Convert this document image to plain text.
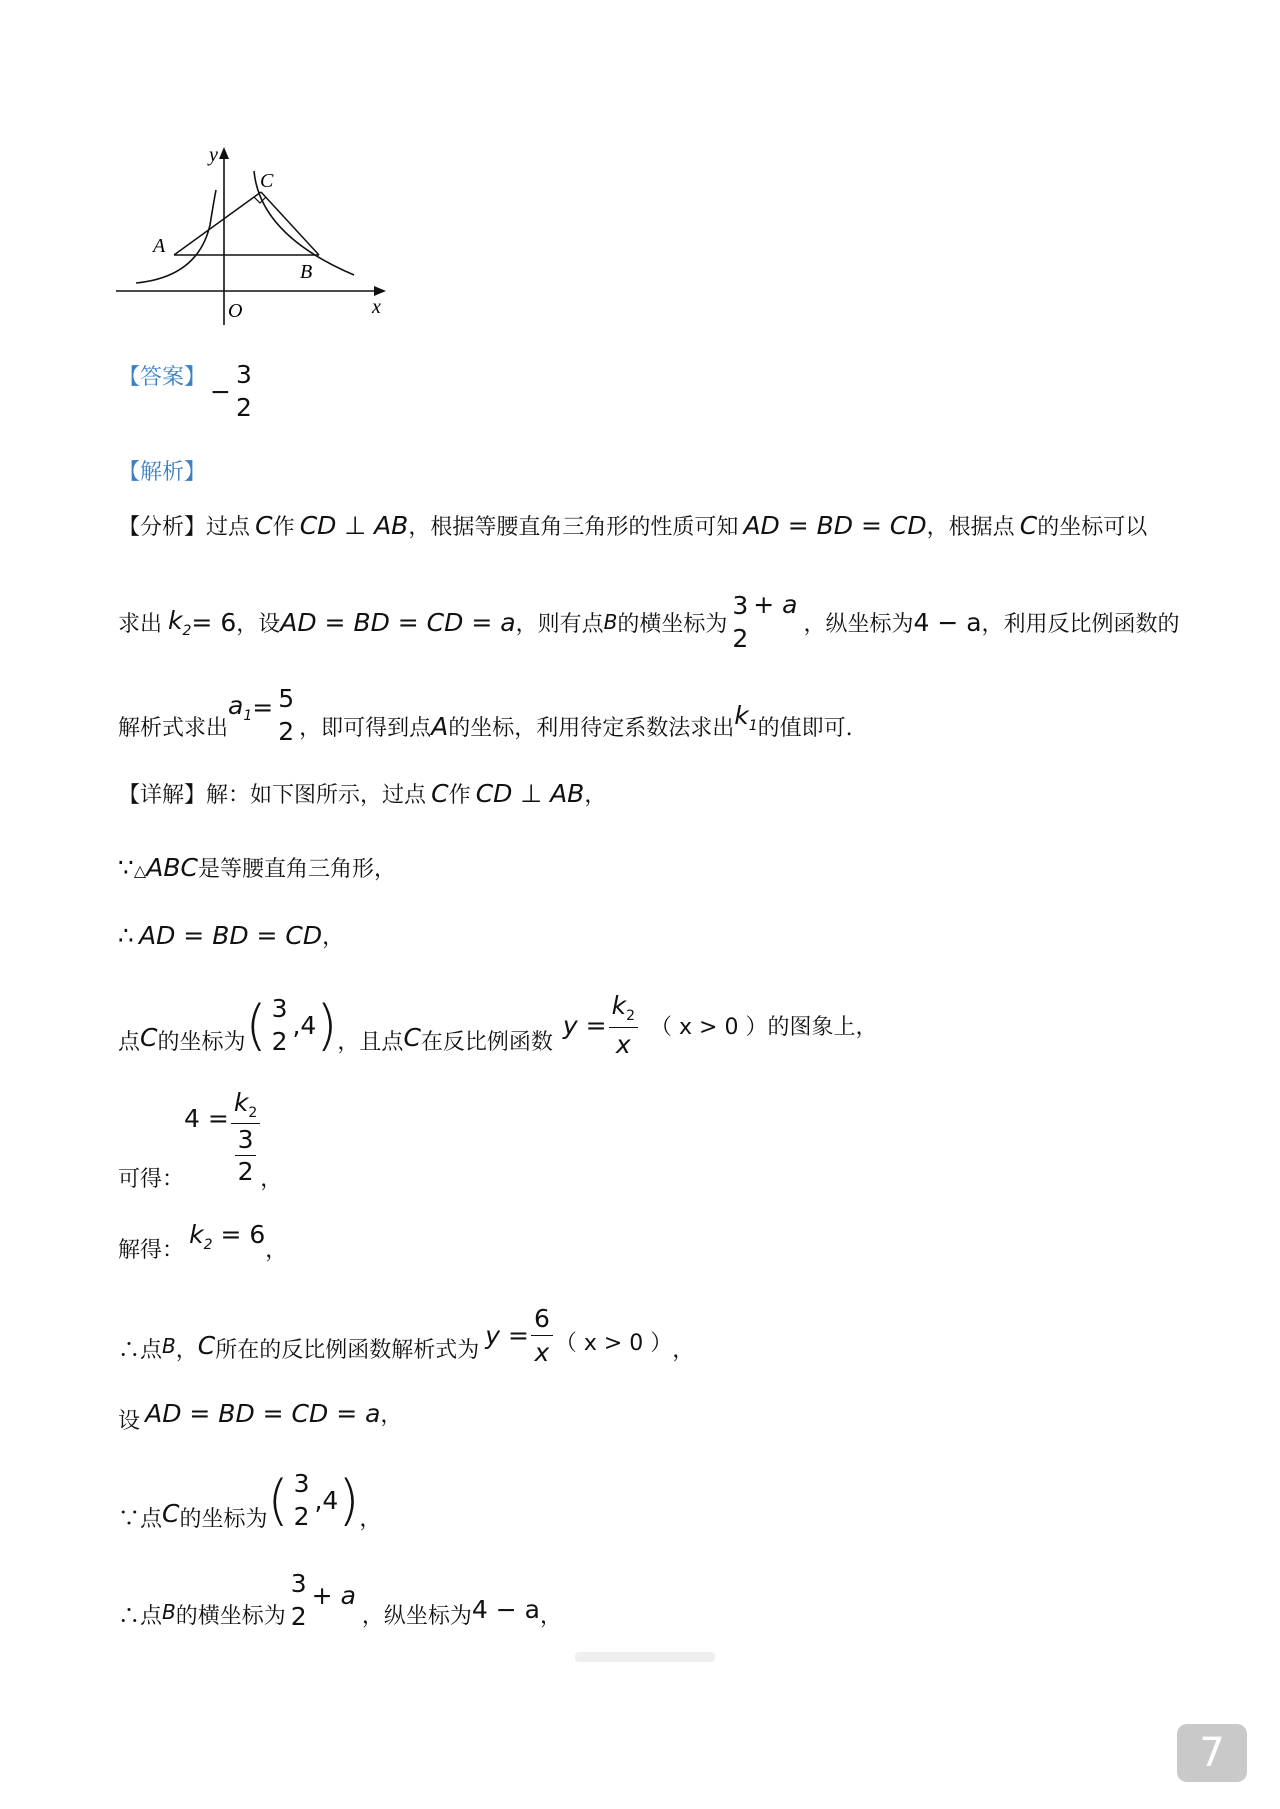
y
C
A
B
O	x
【答案】 −
3
2
【解析】
【分析】过点 C作 CD ⊥ AB，根据等腰直角三角形的性质可知 AD = BD = CD，根据点 C的坐标可以
求出 $k_2 = 6$ ，设 AD = BD = CD = a ，则有点 B 的横坐标为
3
2
+ a
，纵坐标为 4 − a ，利用反比例函数的
解析式求出
$a_1 = 5$
2 ，即可得到点 A 的坐标，利用待定系数法求出 $k_1$ 的值即可.
【详解】解：如下图所示，过点 C作 CD ⊥ AB，
∵△ABC是等腰直角三角形，
∴ AD = BD = CD，
点 C 的坐标为 ( 3
2
,4 ) ，且点 C 在反比例函数
$y = \frac{k_2}{x}$ （ x > 0 ） 的图象上，
可得：
4 =
$k_2$
3
2 ，
解得： $k_2 = 6$，
∴点 B ， C 所在的反比例函数解析式为
$y = \frac{6}{x}$ （ x > 0 ） ，
设 AD = BD = CD = a，
∵点 C 的坐标为 ( 3
2
,4 ) ，
∴点 B 的横坐标为
3
2
+ a
，纵坐标为 4 − a ，
7
